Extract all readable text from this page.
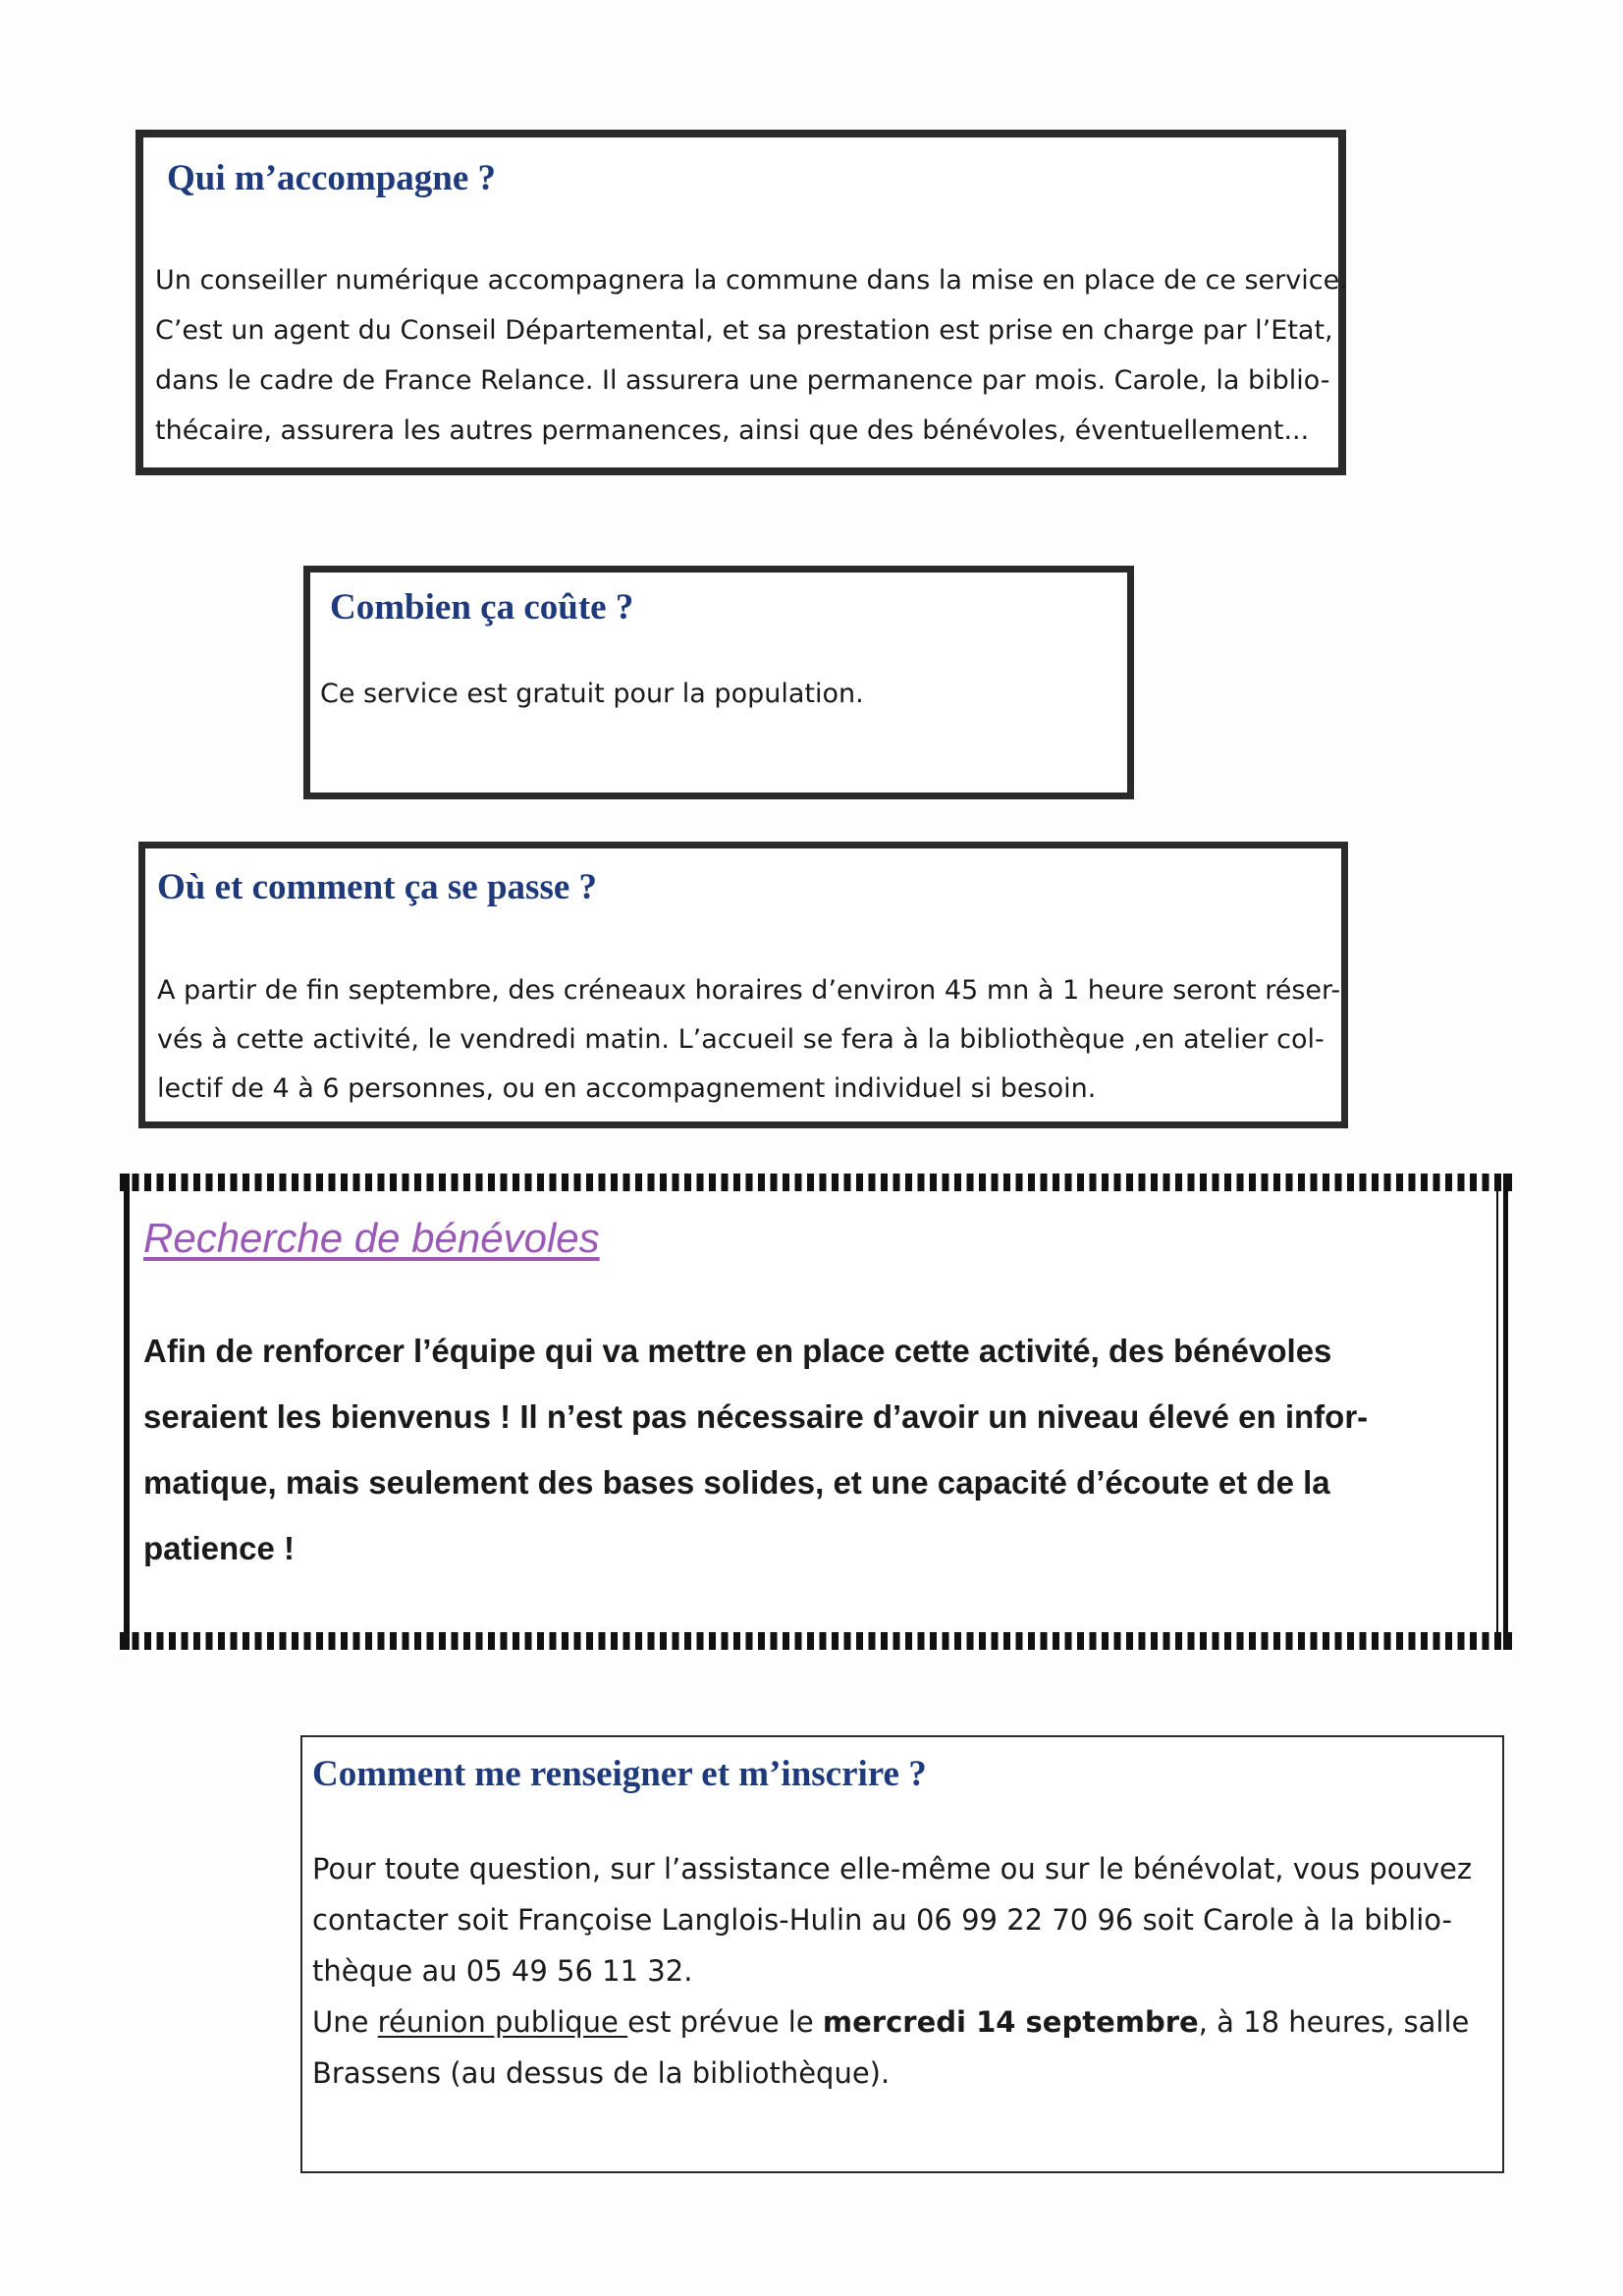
Qui m’accompagne ?

Un conseiller numérique accompagnera la commune dans la mise en place de ce service.

C’est un agent du Conseil Départemental, et sa prestation est prise en charge par l’Etat,

dans le cadre de France Relance. Il assurera une permanence par mois. Carole, la biblio-

thécaire, assurera les autres permanences, ainsi que des bénévoles, éventuellement...

Combien ça coûte ?

Ce service est gratuit pour la population.

Où et comment ça se passe ?

A partir de fin septembre, des créneaux horaires d’environ 45 mn à 1 heure seront réser-

vés à cette activité, le vendredi matin. L’accueil se fera à la bibliothèque ,en atelier col-

lectif de 4 à 6 personnes, ou en accompagnement individuel si besoin.

Recherche de bénévoles

Afin de renforcer l’équipe qui va mettre en place cette activité, des bénévoles

seraient les bienvenus ! Il n’est pas nécessaire d’avoir un niveau élevé en infor-

matique, mais seulement des bases solides, et une capacité d’écoute et de la

patience !

Comment me renseigner et m’inscrire ?

Pour toute question, sur l’assistance elle-même ou sur le bénévolat, vous pouvez

contacter soit Françoise Langlois-Hulin au 06 99 22 70 96 soit Carole à la biblio-

thèque au 05 49 56 11 32.

Une réunion publique est prévue le mercredi 14 septembre, à 18 heures, salle

Brassens (au dessus de la bibliothèque).
